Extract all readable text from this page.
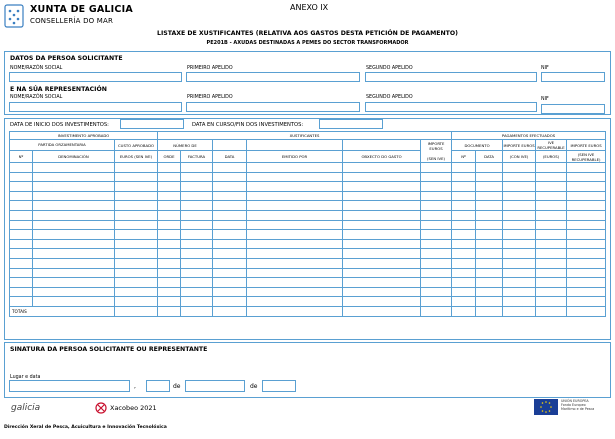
XUNTA DE GALICIA
CONSELLERÍA DO MAR
ANEXO IX
LISTAXE DE XUSTIFICANTES (RELATIVA AOS GASTOS DESTA PETICIÓN DE PAGAMENTO)
PE201B - AXUDAS DESTINADAS A PEMES DO SECTOR TRANSFORMADOR
DATOS DA PERSOA SOLICITANTE
NOME/RAZÓN SOCIAL	PRIMEIRO APELIDO	SEGUNDO APELIDO	NIF
E NA SÚA REPRESENTACIÓN
NOME/RAZÓN SOCIAL	PRIMEIRO APELIDO	SEGUNDO APELIDO	NIF
DATA DE INICIO DOS INVESTIMENTOS:	DATA EN CURSO/FIN DOS INVESTIMENTOS:
INVESTIMENTO APROBADO			XUSTIFICANTES						PAGAMENTOS EFECTUADOS				
PARTIDA ORZAMENTARIA		CUSTO APROBADO	NÚMERO DE					IMPORTE EUROS

(SEN IVE)	DOCUMENTO		IMPORTE EUROS	IVE RECUPERABLE	IMPORTE EUROS

Nº	DENOMINACIÓN	EUROS (SEN IVE)	ORDE	FACTURA	DATA	EMITIDO POR	OBXECTO DO GASTO		Nº	DATA	(CON IVE)	(EUROS)	(SEN IVE RECUPERABLE)

TOTAIS													
SINATURA DA PERSOA SOLICITANTE OU REPRESENTANTE
Lugar e data
,	de	de
galicia	Xacobeo 2021
UNIÓN EUROPEA
Fondo Europeo
Marítimo e de Pesca
Dirección Xeral de Pesca, Acuicultura e Innovación Tecnolóxica
